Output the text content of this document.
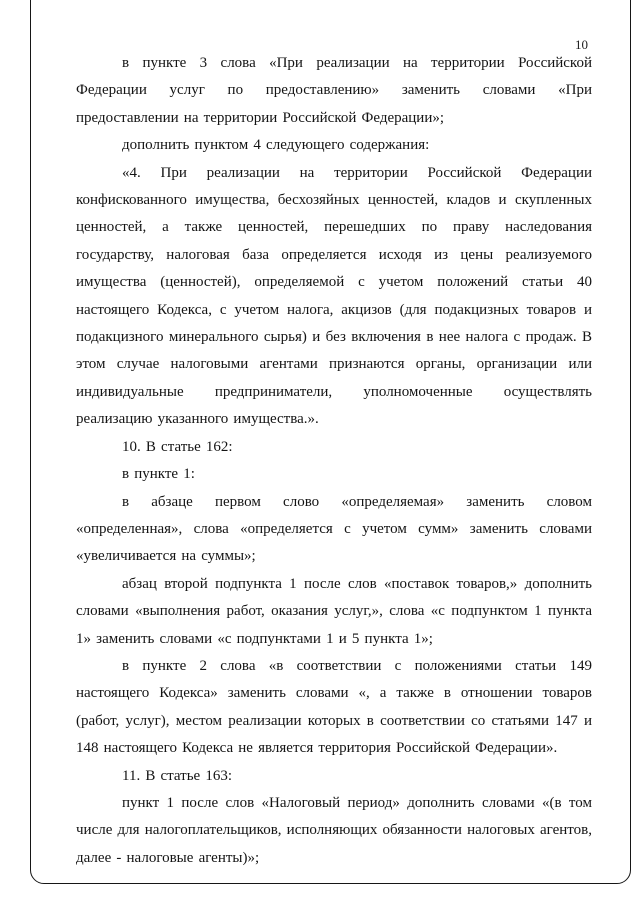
10

в пункте 3 слова «При реализации на территории Российской Федерации услуг по предоставлению» заменить словами «При предоставлении на территории Российской Федерации»;

дополнить пунктом 4 следующего содержания:

«4. При реализации на территории Российской Федерации конфискованного имущества, бесхозяйных ценностей, кладов и скупленных ценностей, а также ценностей, перешедших по праву наследования государству, налоговая база определяется исходя из цены реализуемого имущества (ценностей), определяемой с учетом положений статьи 40 настоящего Кодекса, с учетом налога, акцизов (для подакцизных товаров и подакцизного минерального сырья) и без включения в нее налога с продаж. В этом случае налоговыми агентами признаются органы, организации или индивидуальные предприниматели, уполномоченные осуществлять реализацию указанного имущества.».

10. В статье 162:

в пункте 1:

в абзаце первом слово «определяемая» заменить словом «определенная», слова «определяется с учетом сумм» заменить словами «увеличивается на суммы»;

абзац второй подпункта 1 после слов «поставок товаров,» дополнить словами «выполнения работ, оказания услуг,», слова «с подпунктом 1 пункта 1» заменить словами «с подпунктами 1 и 5 пункта 1»;

в пункте 2 слова «в соответствии с положениями статьи 149 настоящего Кодекса» заменить словами «, а также в отношении товаров (работ, услуг), местом реализации которых в соответствии со статьями 147 и 148 настоящего Кодекса не является территория Российской Федерации».

11. В статье 163:

пункт 1 после слов «Налоговый период» дополнить словами «(в том числе для налогоплательщиков, исполняющих обязанности налоговых агентов, далее - налоговые агенты)»;
